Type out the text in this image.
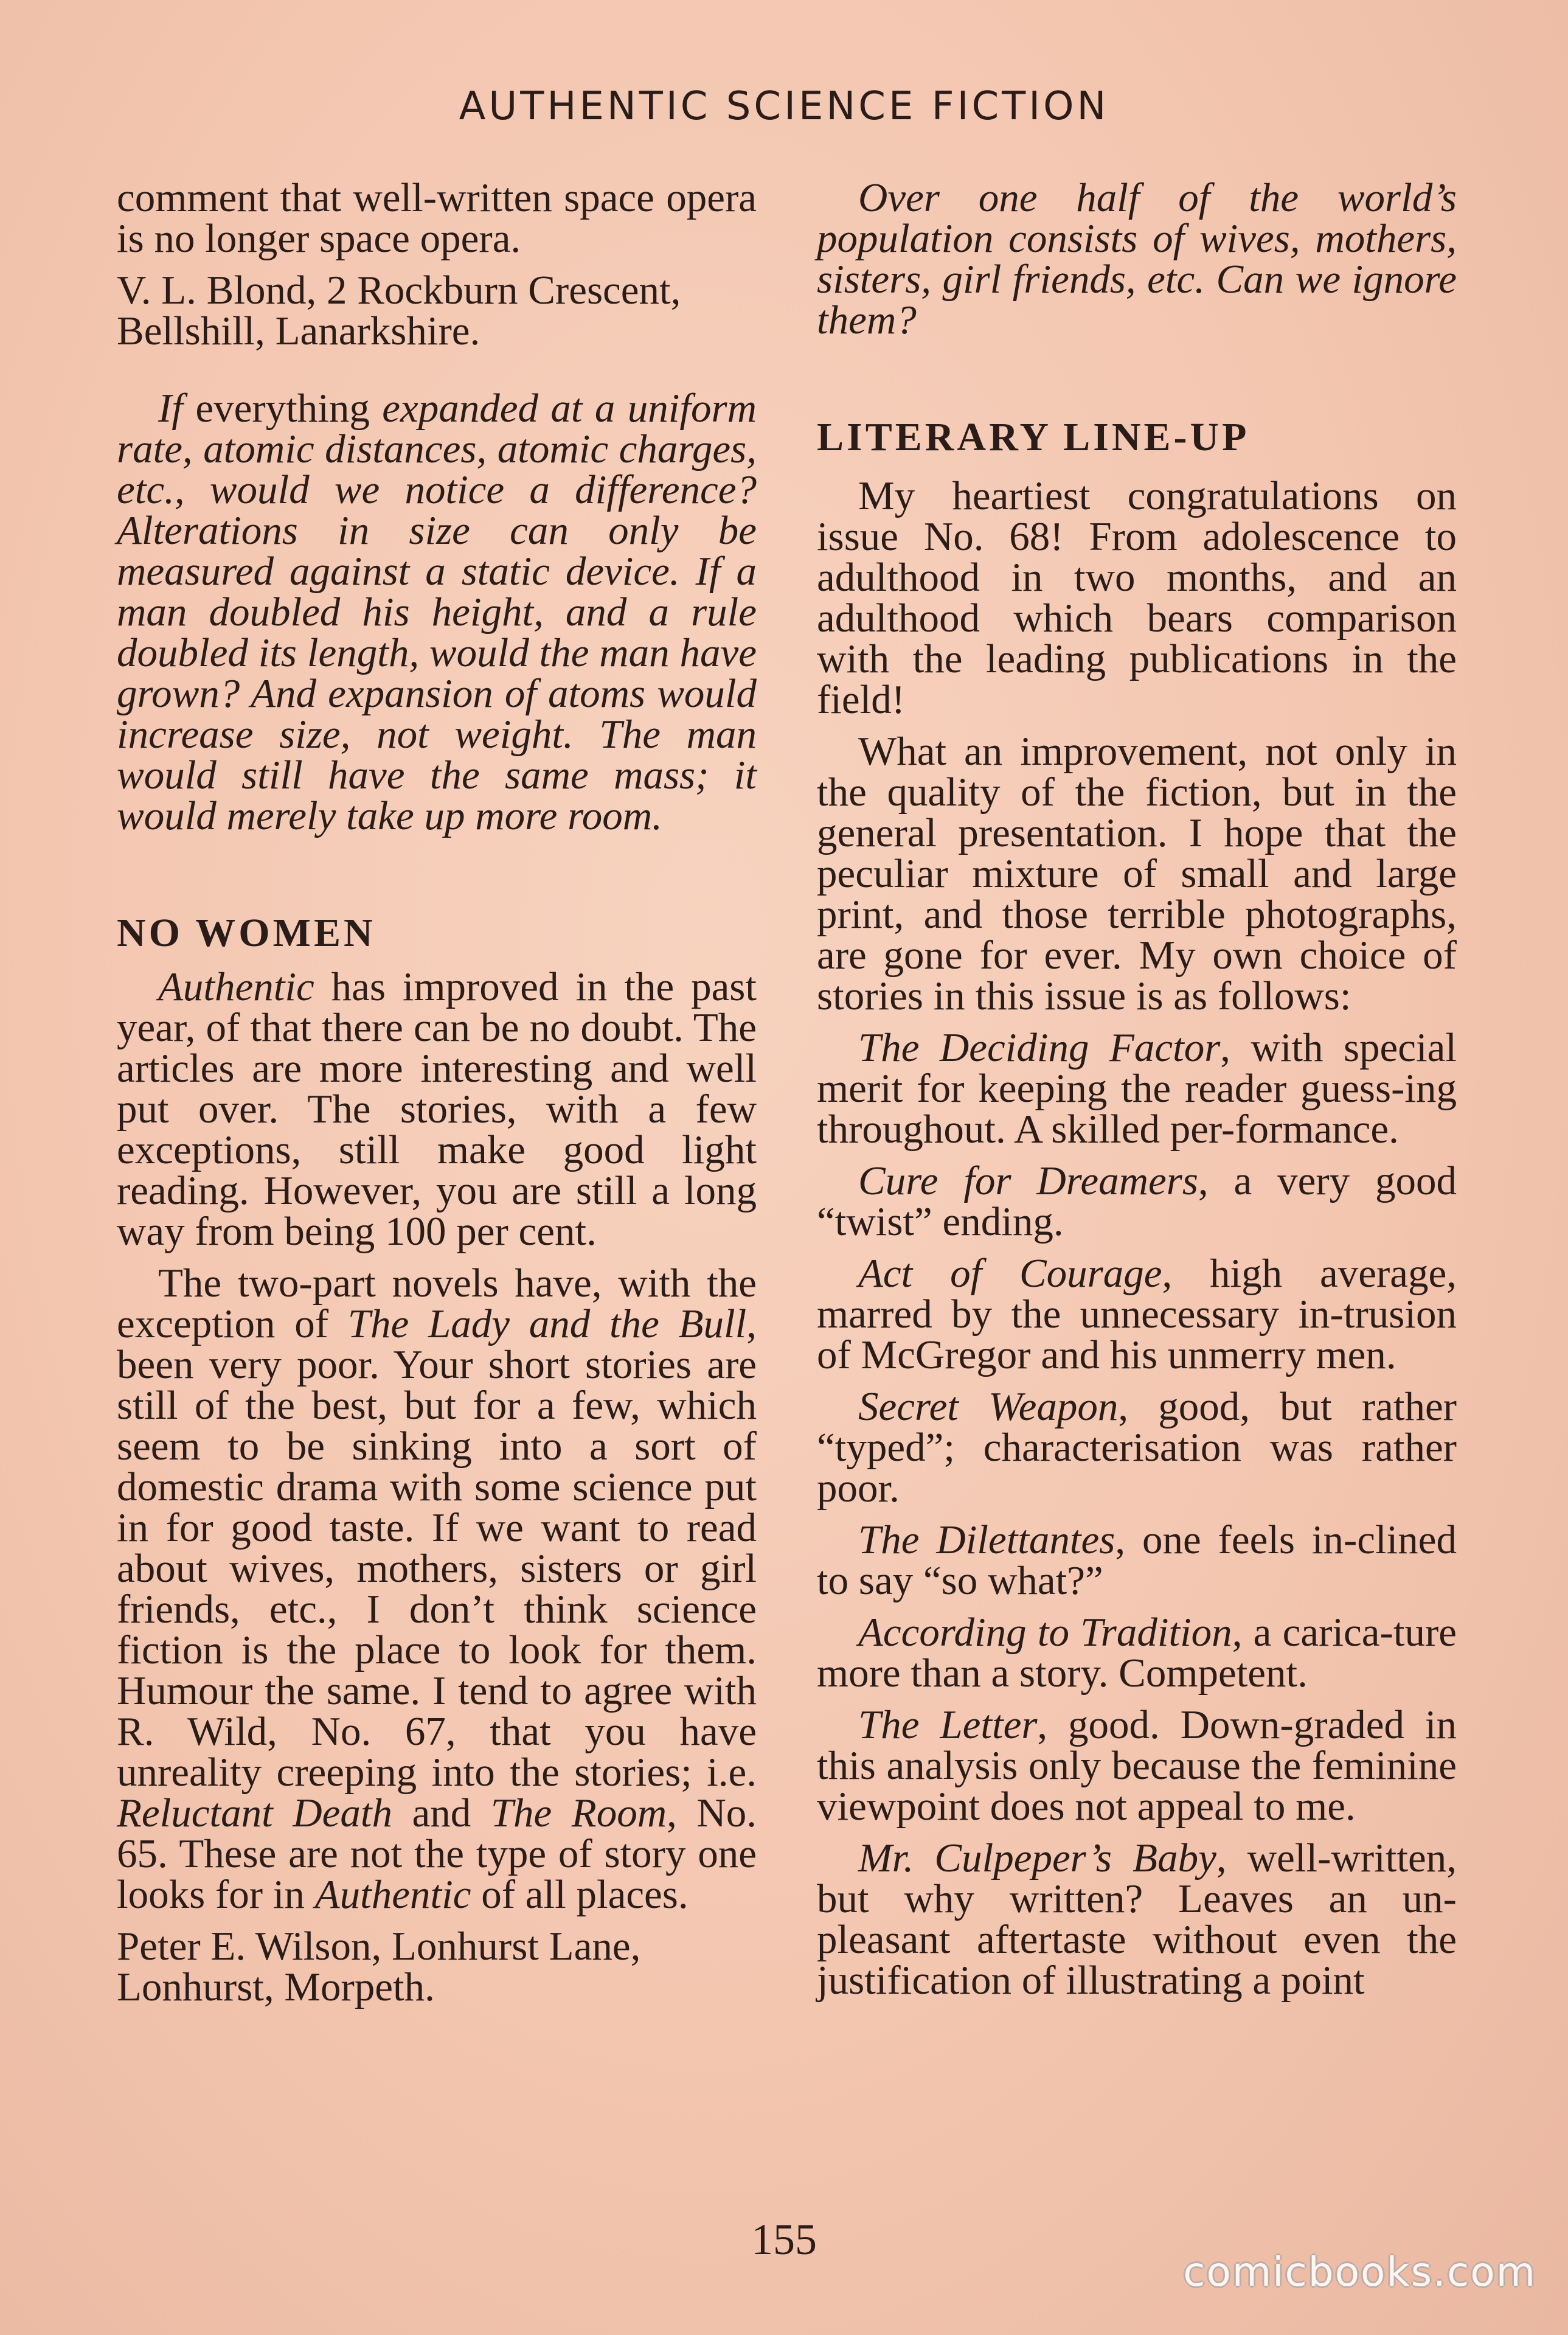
AUTHENTIC SCIENCE FICTION

comment that well-written space opera is no longer space opera.

V. L. Blond, 2 Rockburn Crescent,
Bellshill, Lanarkshire.

If everything expanded at a uniform rate, atomic distances, atomic charges, etc., would we notice a difference? Alterations in size can only be measured against a static device. If a man doubled his height, and a rule doubled its length, would the man have grown? And expansion of atoms would increase size, not weight. The man would still have the same mass; it would merely take up more room.

NO WOMEN

Authentic has improved in the past year, of that there can be no doubt. The articles are more interesting and well put over. The stories, with a few exceptions, still make good light reading. However, you are still a long way from being 100 per cent.

The two-part novels have, with the exception of The Lady and the Bull, been very poor. Your short stories are still of the best, but for a few, which seem to be sinking into a sort of domestic drama with some science put in for good taste. If we want to read about wives, mothers, sisters or girl friends, etc., I don’t think science fiction is the place to look for them. Humour the same. I tend to agree with R. Wild, No. 67, that you have unreality creeping into the stories; i.e. Reluctant Death and The Room, No. 65. These are not the type of story one looks for in Authentic of all places.

Peter E. Wilson, Lonhurst Lane,
Lonhurst, Morpeth.

Over one half of the world’s population consists of wives, mothers, sisters, girl friends, etc. Can we ignore them?

LITERARY LINE-UP

My heartiest congratulations on issue No. 68! From adolescence to adulthood in two months, and an adulthood which bears comparison with the leading publications in the field!

What an improvement, not only in the quality of the fiction, but in the general presentation. I hope that the peculiar mixture of small and large print, and those terrible photographs, are gone for ever. My own choice of stories in this issue is as follows:

The Deciding Factor, with special merit for keeping the reader guess-ing throughout. A skilled per-formance.

Cure for Dreamers, a very good “twist” ending.

Act of Courage, high average, marred by the unnecessary in-trusion of McGregor and his unmerry men.

Secret Weapon, good, but rather “typed”; characterisation was rather poor.

The Dilettantes, one feels in-clined to say “so what?”

According to Tradition, a carica-ture more than a story. Competent.

The Letter, good. Down-graded in this analysis only because the feminine viewpoint does not appeal to me.

Mr. Culpeper’s Baby, well-written, but why written? Leaves an un-pleasant aftertaste without even the justification of illustrating a point

155
comicbooks.com
